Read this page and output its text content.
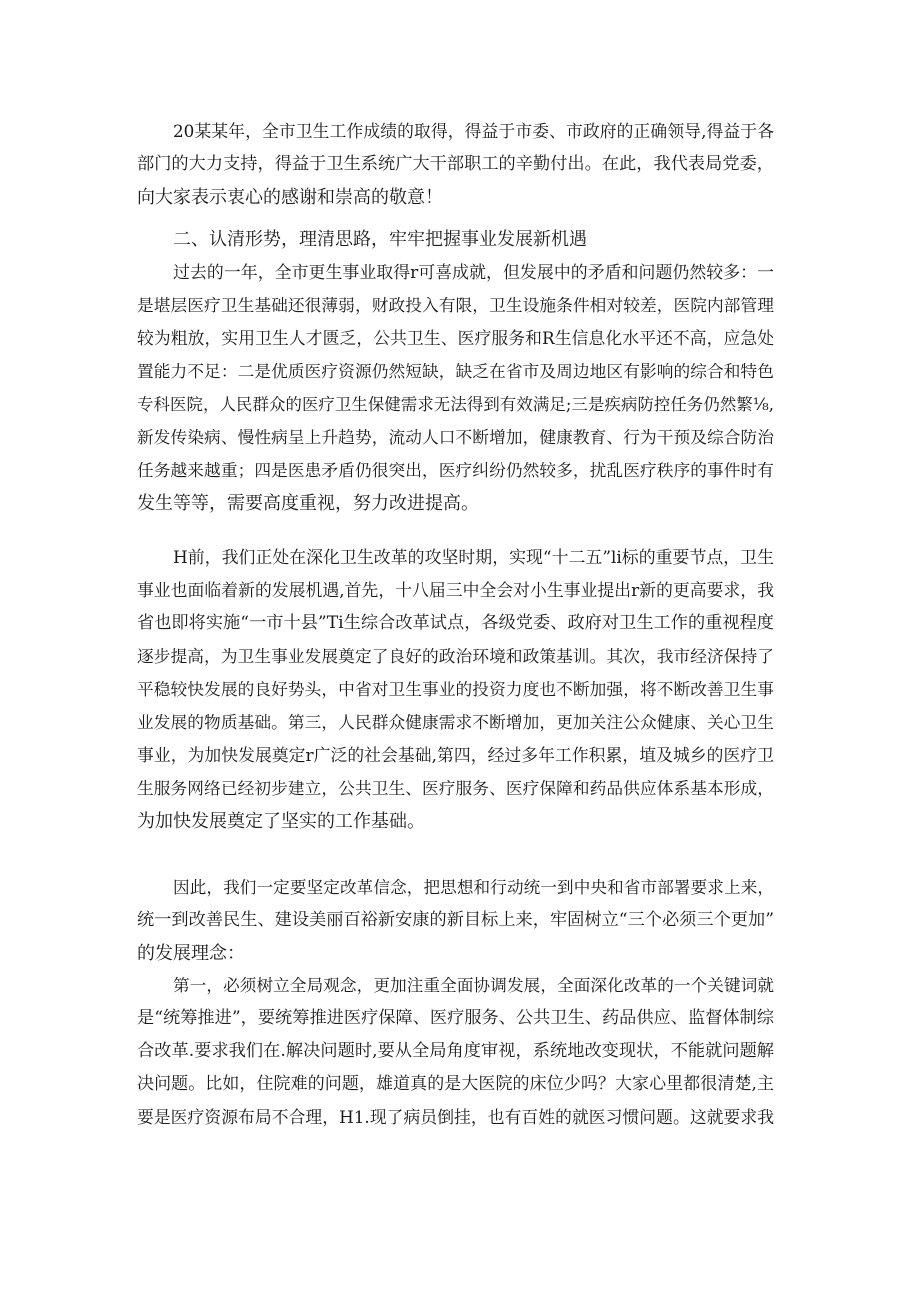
20某某年，全市卫生工作成绩的取得，得益于市委、市政府的正确领导,得益于各
部门的大力支持，得益于卫生系统广大干部职工的辛勤付出。在此，我代表局党委，
向大家表示衷心的感谢和崇高的敬意！
二、认清形势，理清思路，牢牢把握事业发展新机遇
过去的一年，全市更生事业取得r可喜成就，但发展中的矛盾和问题仍然较多：一
是堪层医疗卫生基础还很薄弱，财政投入有限，卫生设施条件相对较差，医院内部管理
较为粗放，实用卫生人才匮乏，公共卫生、医疗服务和R生信息化水平还不高，应急处
置能力不足：二是优质医疗资源仍然短缺，缺乏在省市及周边地区有影响的综合和特色
专科医院，人民群众的医疗卫生保健需求无法得到有效满足;三是疾病防控任务仍然繁⅛,
新发传染病、慢性病呈上升趋势，流动人口不断增加，健康教育、行为干预及综合防治
任务越来越重；四是医患矛盾仍很突出，医疗纠纷仍然较多，扰乱医疗秩序的事件时有
发生等等，需要高度重视，努力改进提高。
H前，我们正处在深化卫生改革的攻坚时期，实现“十二五”li标的重要节点，卫生
事业也面临着新的发展机遇,首先，十八届三中全会对小生事业提出r新的更高要求，我
省也即将实施“一市十县”Ti生综合改革试点，各级党委、政府对卫生工作的重视程度
逐步提高，为卫生事业发展奠定了良好的政治环境和政策基训。其次，我市经济保持了
平稳较快发展的良好势头，中省对卫生事业的投资力度也不断加强，将不断改善卫生事
业发展的物质基础。第三，人民群众健康需求不断增加，更加关注公众健康、关心卫生
事业，为加快发展奠定r广泛的社会基础,第四，经过多年工作积累，埴及城乡的医疗卫
生服务网络已经初步建立，公共卫生、医疗服务、医疗保障和药品供应体系基本形成，
为加快发展奠定了坚实的工作基础。
因此，我们一定要坚定改革信念，把思想和行动统一到中央和省市部署要求上来，
统一到改善民生、建设美丽百裕新安康的新目标上来，牢固树立“三个必须三个更加”
的发展理念：
第一，必须树立全局观念，更加注重全面协调发展，全面深化改革的一个关键词就
是“统筹推进”，要统筹推进医疗保障、医疗服务、公共卫生、药品供应、监督体制综
合改革.要求我们在.解决问题时,要从全局角度审视，系统地改变现状，不能就问题解
决问题。比如，住院难的问题，雄道真的是大医院的床位少吗？大家心里都很清楚,主
要是医疗资源布局不合理，H1.现了病员倒挂，也有百姓的就医习惯问题。这就要求我
